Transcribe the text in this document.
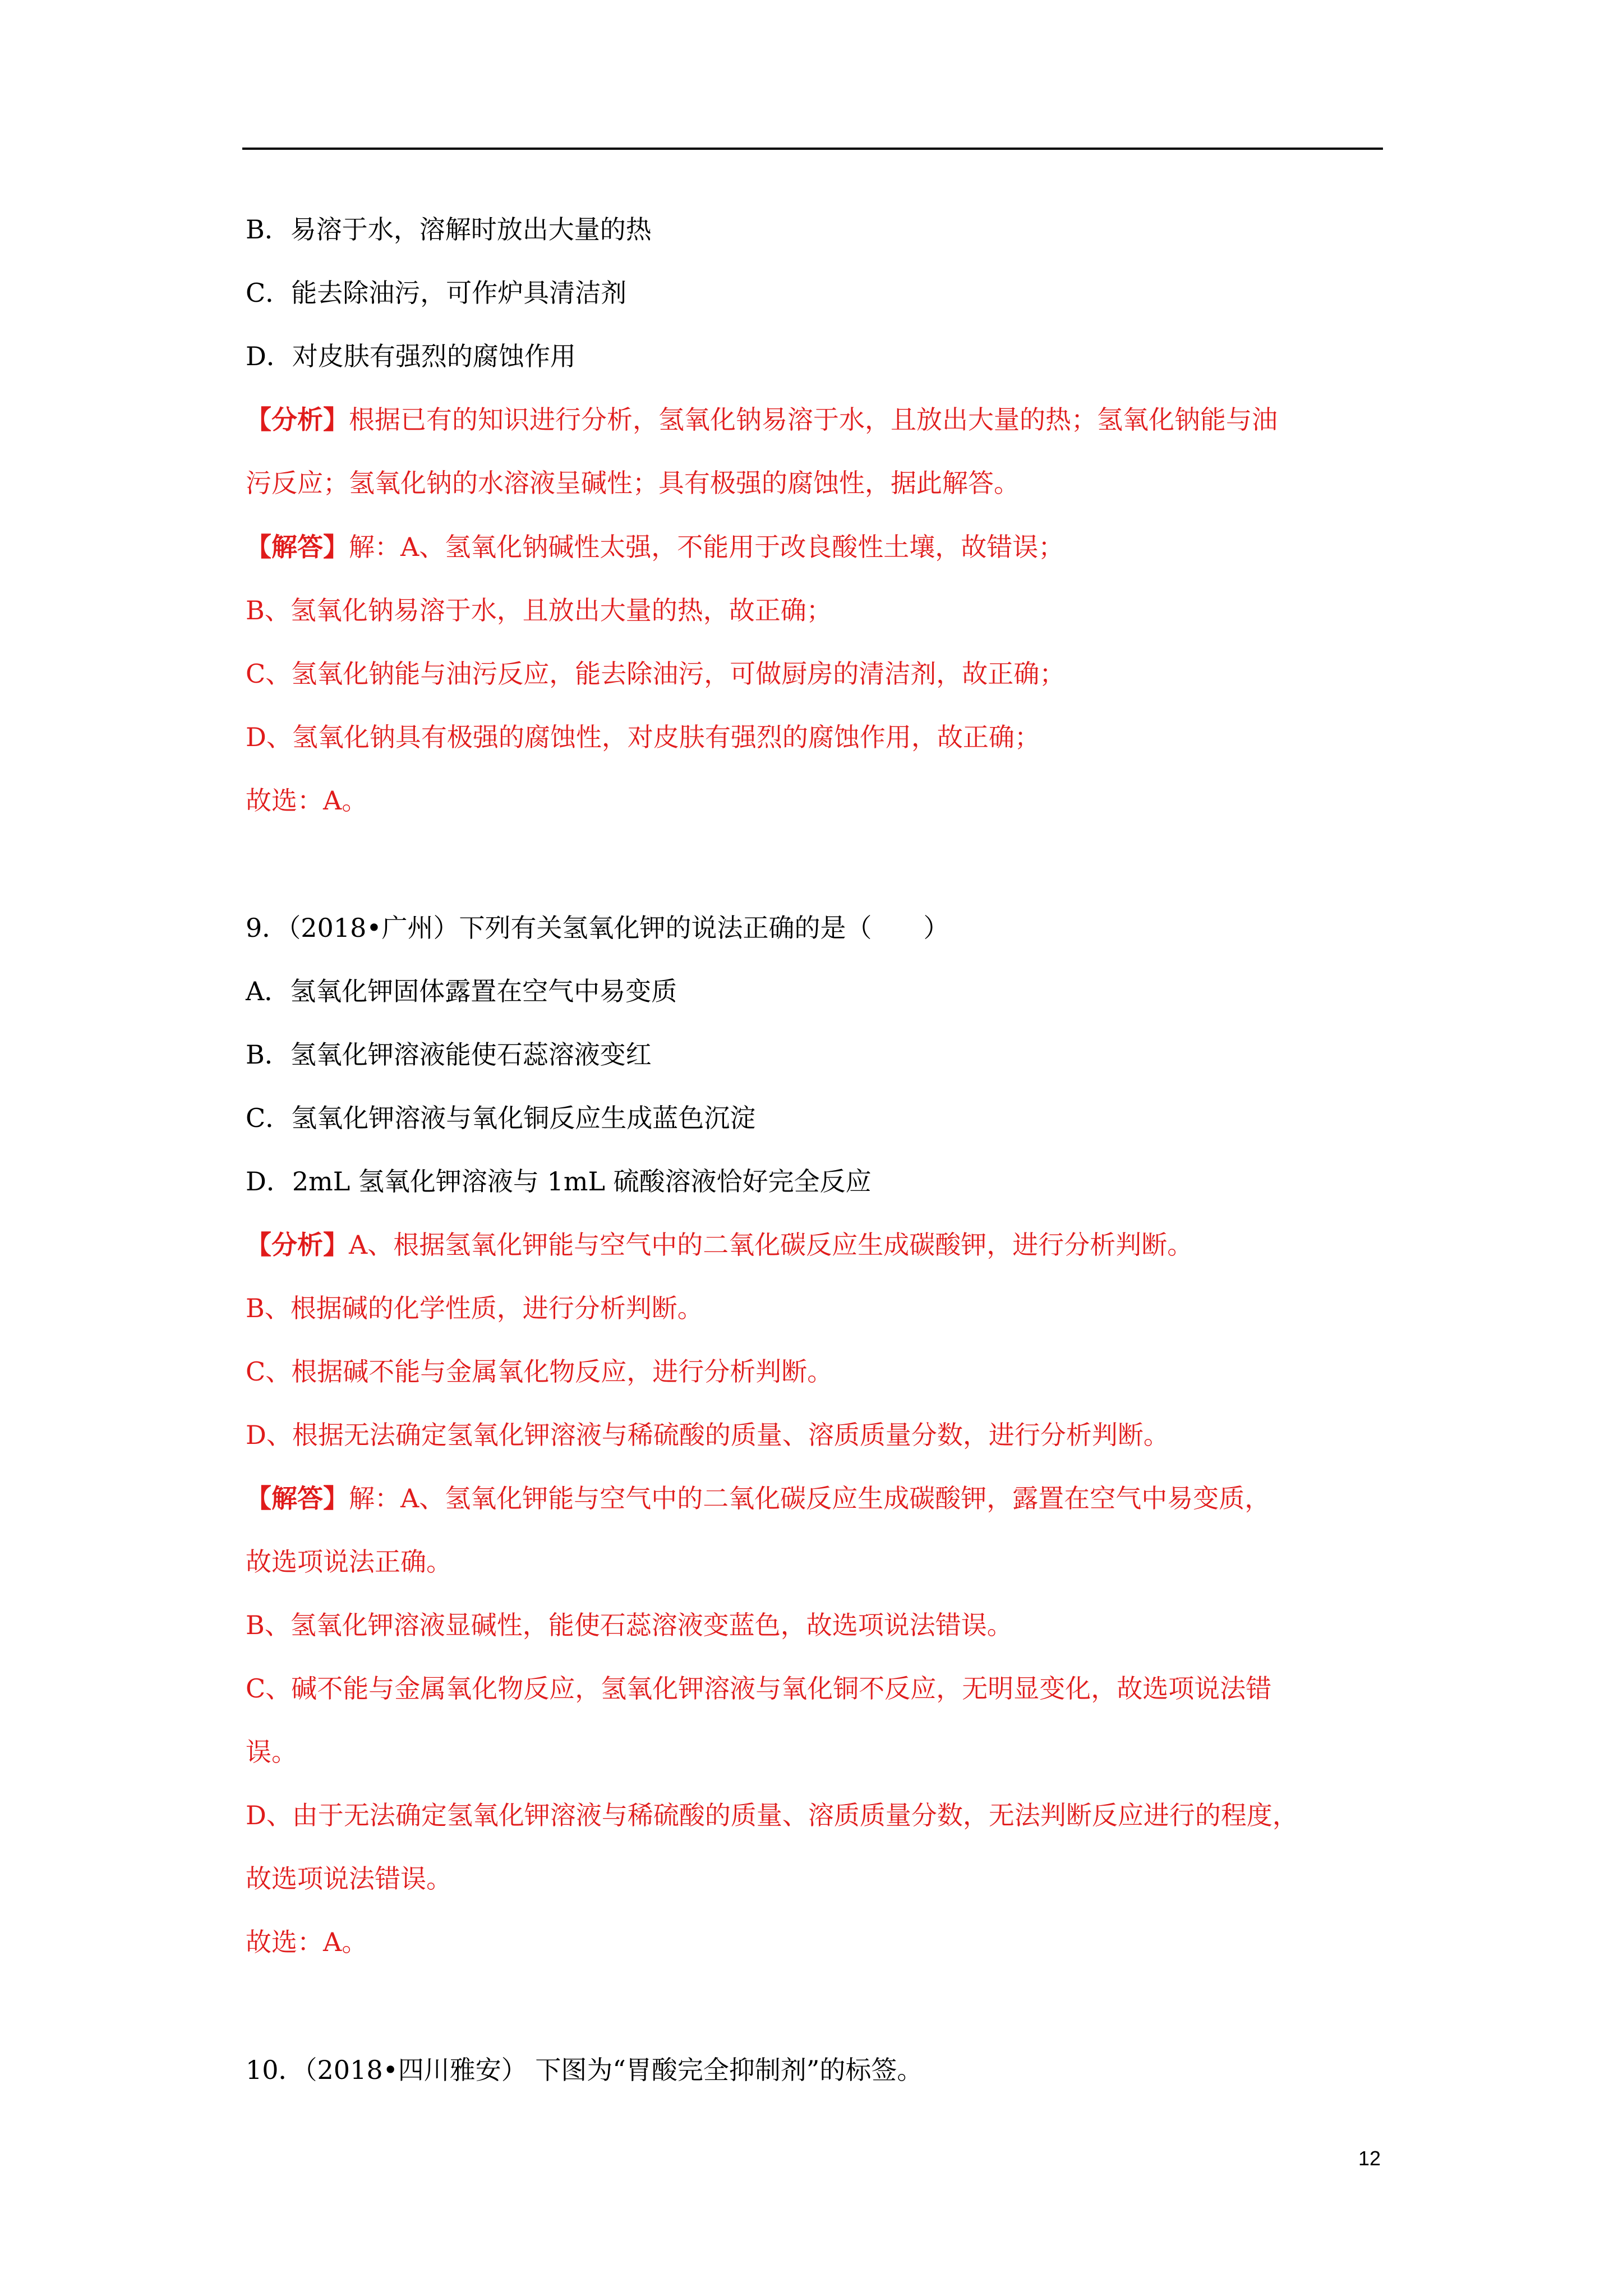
B．易溶于水，溶解时放出大量的热
C．能去除油污，可作炉具清洁剂
D．对皮肤有强烈的腐蚀作用
【分析】根据已有的知识进行分析，氢氧化钠易溶于水，且放出大量的热；氢氧化钠能与油
污反应；氢氧化钠的水溶液呈碱性；具有极强的腐蚀性，据此解答。
【解答】解：A、氢氧化钠碱性太强，不能用于改良酸性土壤，故错误；
B、氢氧化钠易溶于水，且放出大量的热，故正确；
C、氢氧化钠能与油污反应，能去除油污，可做厨房的清洁剂，故正确；
D、氢氧化钠具有极强的腐蚀性，对皮肤有强烈的腐蚀作用，故正确；
故选：A。
9．（2018•广州）下列有关氢氧化钾的说法正确的是（　　）
A．氢氧化钾固体露置在空气中易变质
B．氢氧化钾溶液能使石蕊溶液变红
C．氢氧化钾溶液与氧化铜反应生成蓝色沉淀
D．2mL 氢氧化钾溶液与 1mL 硫酸溶液恰好完全反应
【分析】A、根据氢氧化钾能与空气中的二氧化碳反应生成碳酸钾，进行分析判断。
B、根据碱的化学性质，进行分析判断。
C、根据碱不能与金属氧化物反应，进行分析判断。
D、根据无法确定氢氧化钾溶液与稀硫酸的质量、溶质质量分数，进行分析判断。
【解答】解：A、氢氧化钾能与空气中的二氧化碳反应生成碳酸钾，露置在空气中易变质，
故选项说法正确。
B、氢氧化钾溶液显碱性，能使石蕊溶液变蓝色，故选项说法错误。
C、碱不能与金属氧化物反应，氢氧化钾溶液与氧化铜不反应，无明显变化，故选项说法错
误。
D、由于无法确定氢氧化钾溶液与稀硫酸的质量、溶质质量分数，无法判断反应进行的程度，
故选项说法错误。
故选：A。
10．（2018•四川雅安） 下图为“胃酸完全抑制剂”的标签。
12
